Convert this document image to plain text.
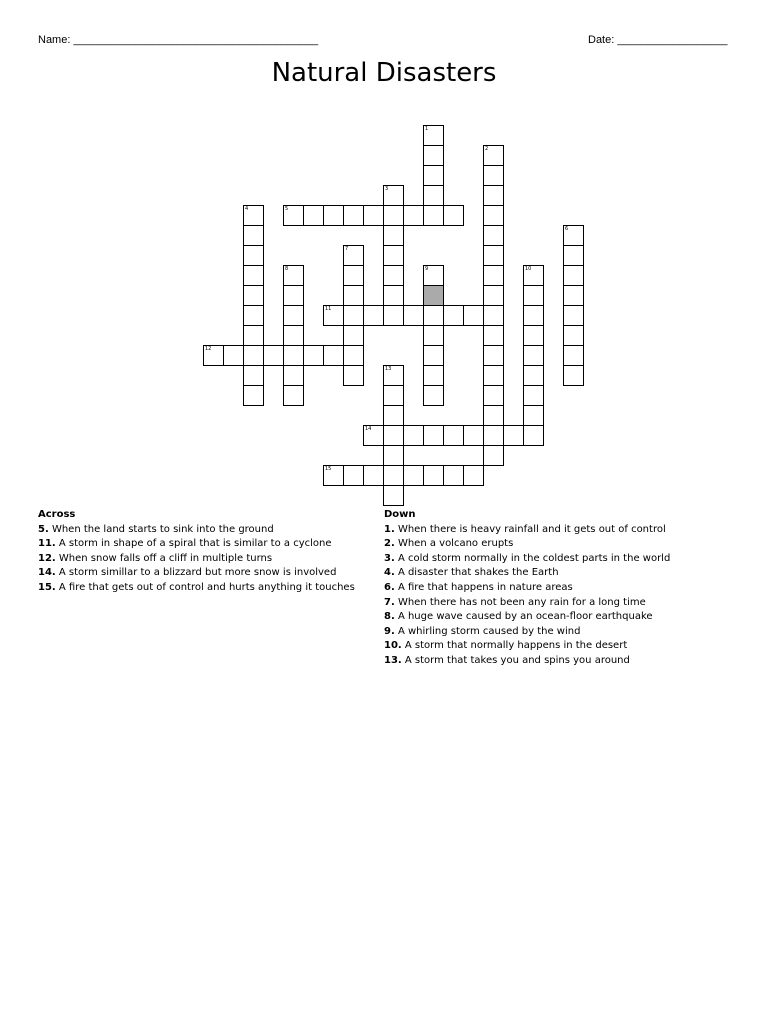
Name: ________________________________________	Date: __________________
Natural Disasters
5
11
12
14
15
1
2
3
4
6
7
8	9	10
13
Across
5. When the land starts to sink into the ground
11. A storm in shape of a spiral that is similar to a cyclone
12. When snow falls off a cliff in multiple turns
14. A storm simillar to a blizzard but more snow is involved
15. A fire that gets out of control and hurts anything it touches
Down
1. When there is heavy rainfall and it gets out of control
2. When a volcano erupts
3. A cold storm normally in the coldest parts in the world
4. A disaster that shakes the Earth
6. A fire that happens in nature areas
7. When there has not been any rain for a long time
8. A huge wave caused by an ocean-floor earthquake
9. A whirling storm caused by the wind
10. A storm that normally happens in the desert
13. A storm that takes you and spins you around
